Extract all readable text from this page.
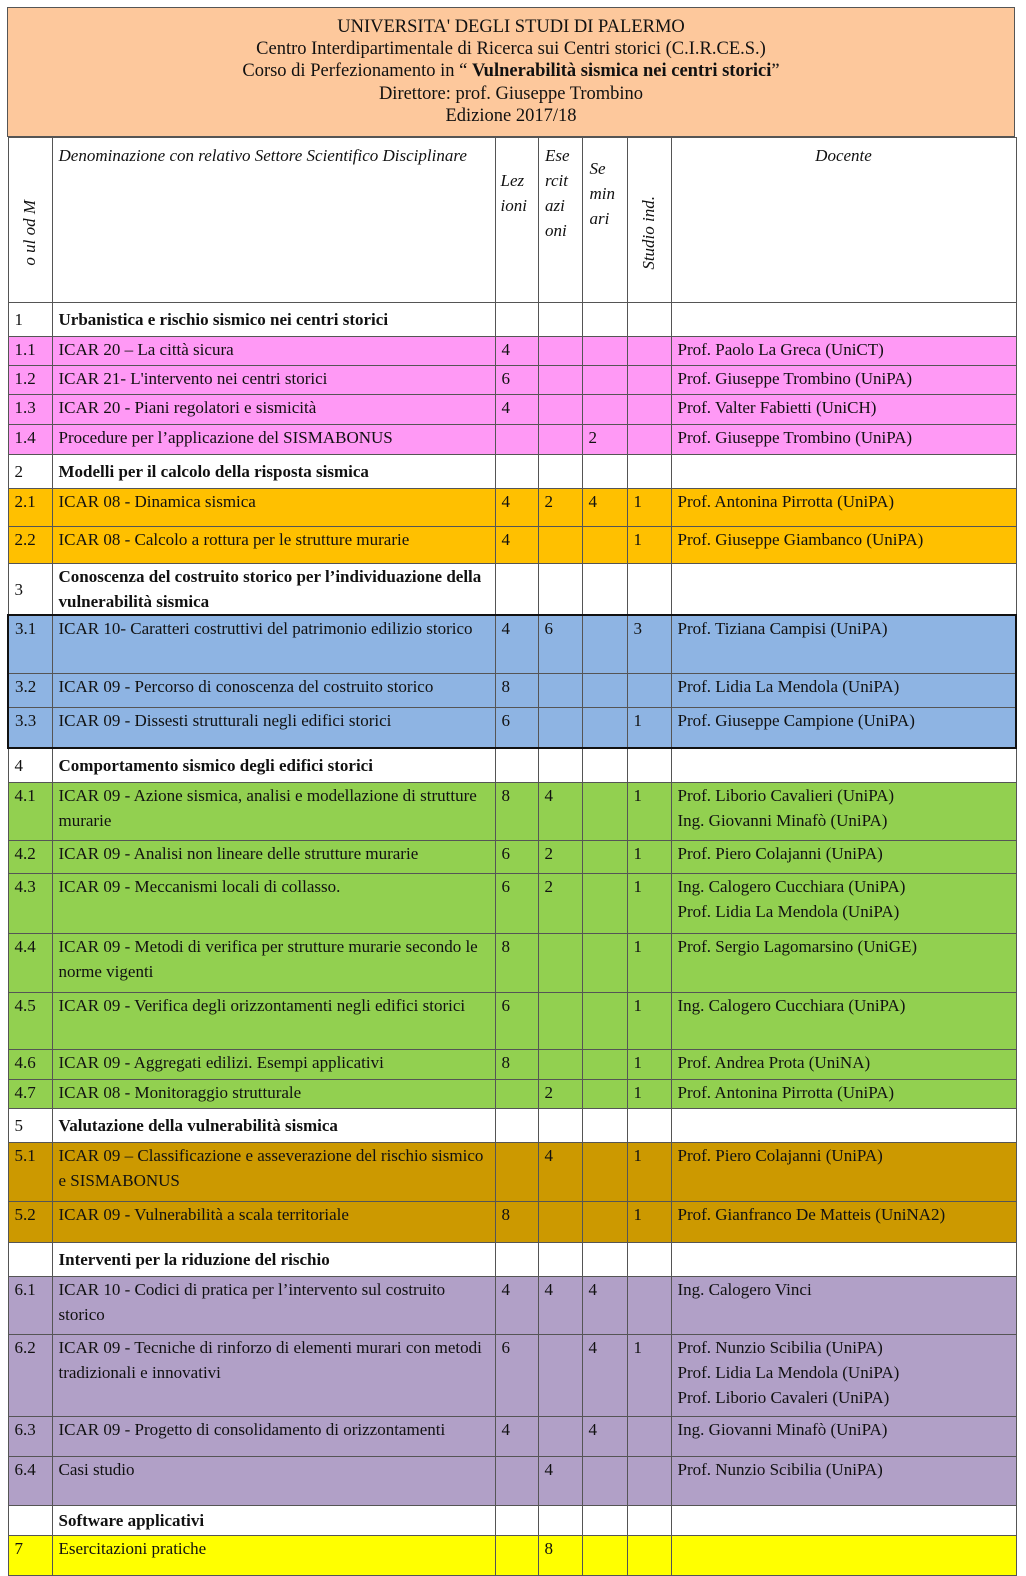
UNIVERSITA' DEGLI STUDI DI PALERMO
Centro Interdipartimentale di Ricerca sui Centri storici (C.I.R.CE.S.)
Corso di Perfezionamento in “ Vulnerabilità sismica nei centri storici”
Direttore: prof. Giuseppe Trombino
Edizione 2017/18
o ul od M	Denominazione con relativo Settore Scientifico Disciplinare	Lez ioni	Ese rcit azi oni	Se min ari	Studio ind.	Docente

1	Urbanistica e rischio sismico nei centri storici					
1.1	ICAR 20 – La città sicura	4				Prof. Paolo La Greca (UniCT)

1.2	ICAR 21- L'intervento nei centri storici	6				Prof. Giuseppe Trombino (UniPA)

1.3	ICAR 20 - Piani regolatori e sismicità	4				Prof. Valter Fabietti (UniCH)

1.4	Procedure per l’applicazione del SISMABONUS			2		Prof. Giuseppe Trombino (UniPA)

2	Modelli per il calcolo della risposta sismica					
2.1	ICAR 08 - Dinamica sismica	4	2	4	1	Prof. Antonina Pirrotta (UniPA)

2.2	ICAR 08 - Calcolo a rottura per le strutture murarie	4			1	Prof. Giuseppe Giambanco (UniPA)

3	Conoscenza del costruito storico per l’individuazione della vulnerabilità sismica					
3.1	ICAR 10- Caratteri costruttivi del patrimonio edilizio storico	4	6		3	Prof. Tiziana Campisi (UniPA)

3.2	ICAR 09 - Percorso di conoscenza del costruito storico	8				Prof. Lidia La Mendola (UniPA)

3.3	ICAR 09 - Dissesti strutturali negli edifici storici	6			1	Prof. Giuseppe Campione (UniPA)

4	Comportamento sismico degli edifici storici					
4.1	ICAR 09 - Azione sismica, analisi e modellazione di strutture murarie	8	4		1	Prof. Liborio Cavalieri (UniPA)
Ing. Giovanni Minafò (UniPA)

4.2	ICAR 09 - Analisi non lineare delle strutture murarie	6	2		1	Prof. Piero Colajanni (UniPA)

4.3	ICAR 09 - Meccanismi locali di collasso.	6	2		1	Ing. Calogero Cucchiara (UniPA)
Prof. Lidia La Mendola (UniPA)

4.4	ICAR 09 - Metodi di verifica per strutture murarie secondo le norme vigenti	8			1	Prof. Sergio Lagomarsino (UniGE)

4.5	ICAR 09 - Verifica degli orizzontamenti negli edifici storici	6			1	Ing. Calogero Cucchiara (UniPA)

4.6	ICAR 09 - Aggregati edilizi. Esempi applicativi	8			1	Prof. Andrea Prota (UniNA)

4.7	ICAR 08 - Monitoraggio strutturale		2		1	Prof. Antonina Pirrotta (UniPA)

5	Valutazione della vulnerabilità sismica					
5.1	ICAR 09 – Classificazione e asseverazione del rischio sismico e SISMABONUS		4		1	Prof. Piero Colajanni (UniPA)

5.2	ICAR 09 - Vulnerabilità a scala territoriale	8			1	Prof. Gianfranco De Matteis (UniNA2)

	Interventi per la riduzione del rischio					
6.1	ICAR 10 - Codici di pratica per l’intervento sul costruito storico	4	4	4		Ing. Calogero Vinci

6.2	ICAR 09 - Tecniche di rinforzo di elementi murari con metodi tradizionali e innovativi	6		4	1	Prof. Nunzio Scibilia (UniPA)
Prof. Lidia La Mendola (UniPA)
Prof. Liborio Cavaleri (UniPA)

6.3	ICAR 09 - Progetto di consolidamento di orizzontamenti	4		4		Ing. Giovanni Minafò (UniPA)

6.4	Casi studio		4			Prof. Nunzio Scibilia (UniPA)

	Software applicativi					
7	Esercitazioni pratiche		8			
